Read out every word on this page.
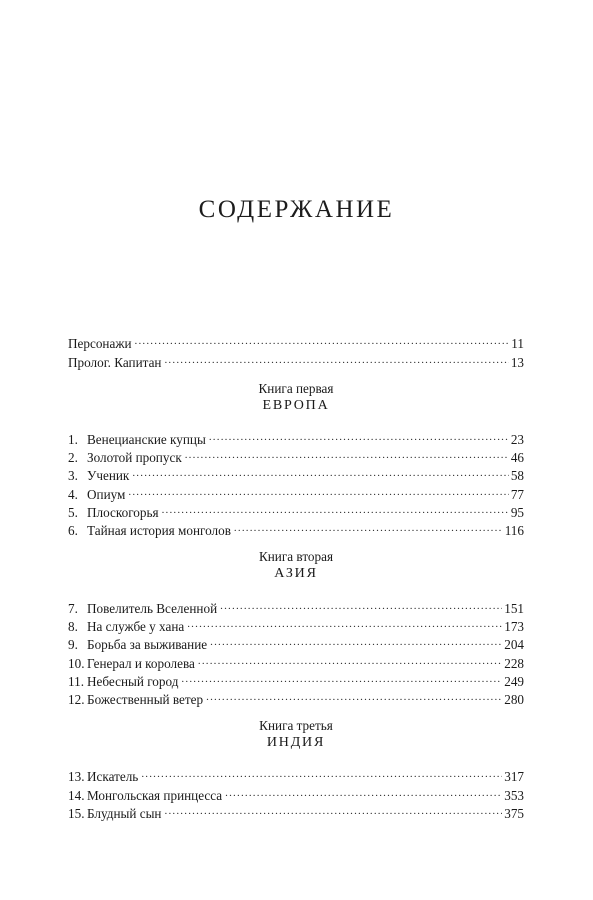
СОДЕРЖАНИЕ
Персонажи .....	11
Пролог. Капитан .....	13
Книга первая
ЕВРОПА
1. Венецианские купцы .....	23
2. Золотой пропуск .....	46
3. Ученик .....	58
4. Опиум .....	77
5. Плоскогорья .....	95
6. Тайная история монголов .....	116
Книга вторая
АЗИЯ
7. Повелитель Вселенной .....	151
8. На службе у хана .....	173
9. Борьба за выживание .....	204
10. Генерал и королева .....	228
11. Небесный город .....	249
12. Божественный ветер .....	280
Книга третья
ИНДИЯ
13. Искатель .....	317
14. Монгольская принцесса .....	353
15. Блудный сын .....	375
